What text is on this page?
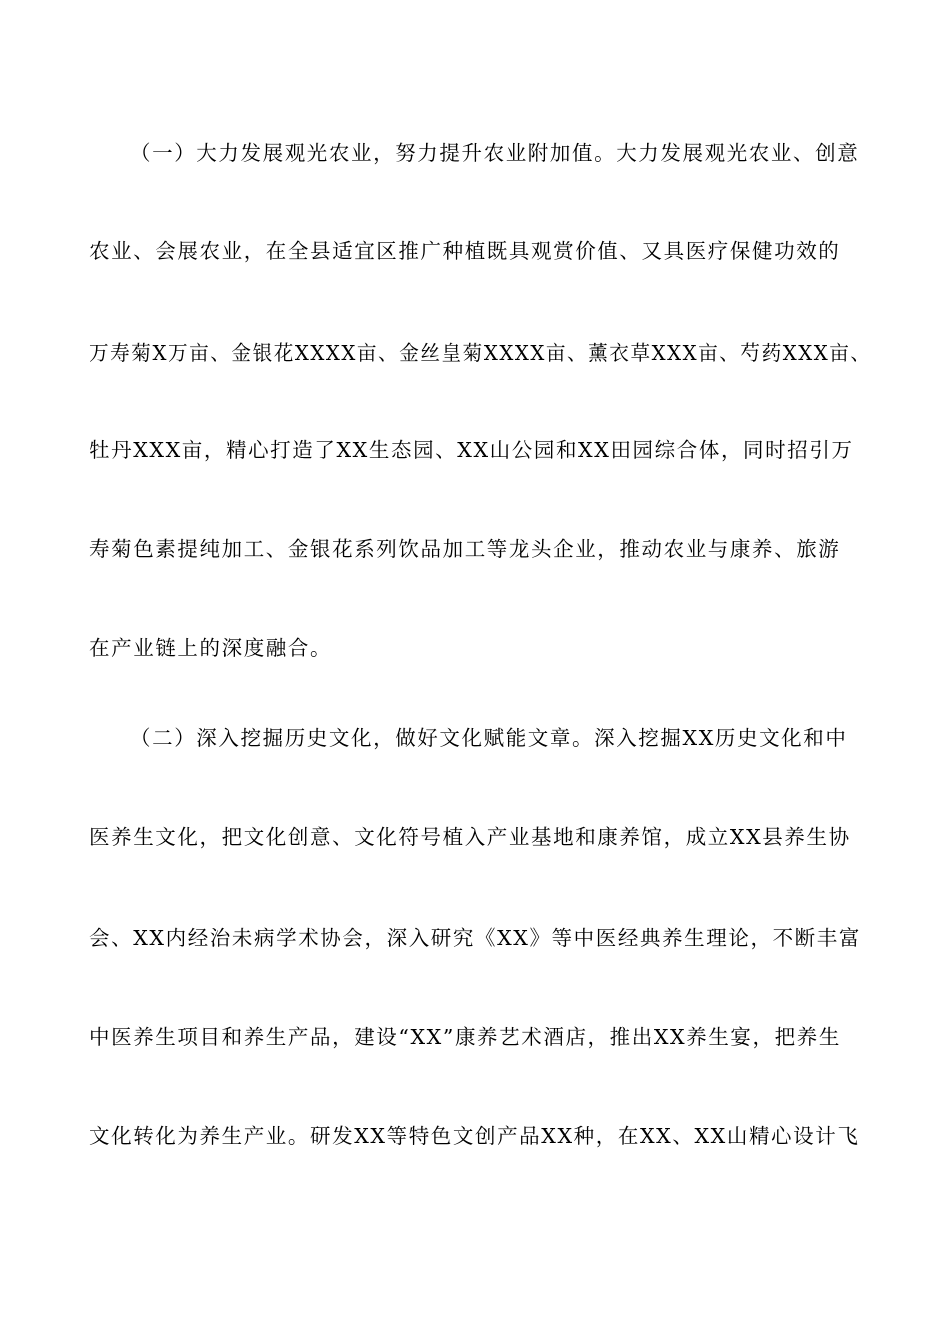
（一）大力发展观光农业，努力提升农业附加值。大力发展观光农业、创意
农业、会展农业，在全县适宜区推广种植既具观赏价值、又具医疗保健功效的
万寿菊X万亩、金银花XXXX亩、金丝皇菊XXXX亩、薰衣草XXX亩、芍药XXX亩、
牡丹XXX亩，精心打造了XX生态园、XX山公园和XX田园综合体，同时招引万
寿菊色素提纯加工、金银花系列饮品加工等龙头企业，推动农业与康养、旅游
在产业链上的深度融合。
（二）深入挖掘历史文化，做好文化赋能文章。深入挖掘XX历史文化和中
医养生文化，把文化创意、文化符号植入产业基地和康养馆，成立XX县养生协
会、XX内经治未病学术协会，深入研究《XX》等中医经典养生理论，不断丰富
中医养生项目和养生产品，建设“XX”康养艺术酒店，推出XX养生宴，把养生
文化转化为养生产业。研发XX等特色文创产品XX种，在XX、XX山精心设计飞
